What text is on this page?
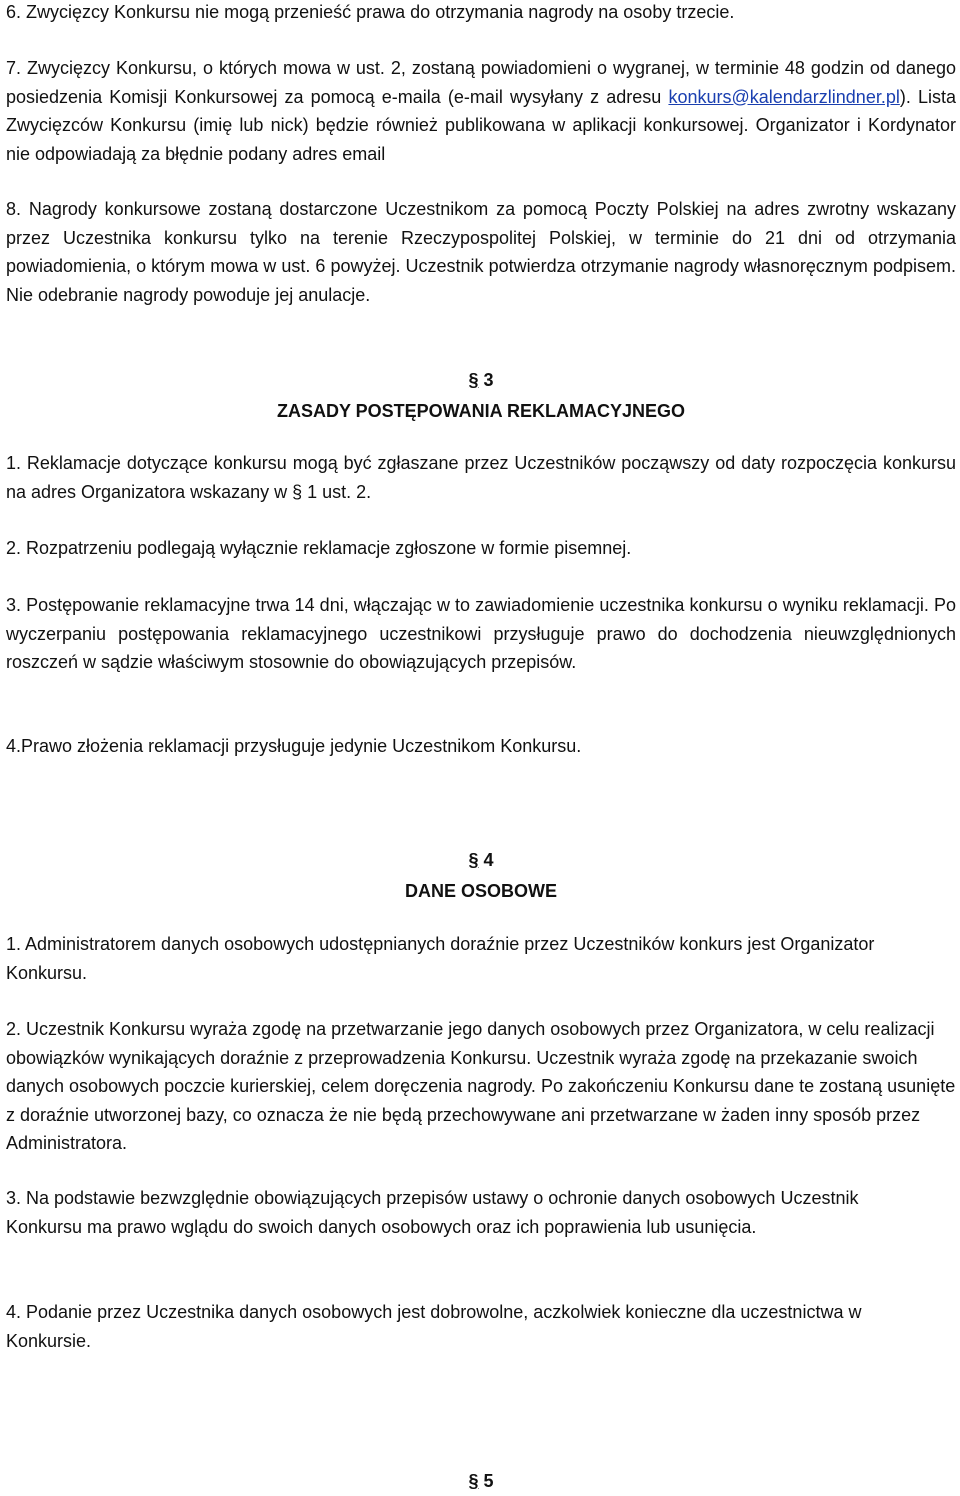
6. Zwycięzcy Konkursu nie mogą przenieść prawa do otrzymania nagrody na osoby trzecie.

7. Zwycięzcy Konkursu, o których mowa w ust. 2, zostaną powiadomieni o wygranej, w terminie 48 godzin od danego posiedzenia Komisji Konkursowej za pomocą e-maila (e-mail wysyłany z adresu konkurs@kalendarzlindner.pl). Lista Zwycięzców Konkursu (imię lub nick) będzie również publikowana w aplikacji konkursowej. Organizator i Kordynator nie odpowiadają za błędnie podany adres email

8. Nagrody konkursowe zostaną dostarczone Uczestnikom za pomocą Poczty Polskiej na adres zwrotny wskazany przez Uczestnika konkursu tylko na terenie Rzeczypospolitej Polskiej, w terminie do 21 dni od otrzymania powiadomienia, o którym mowa w ust. 6 powyżej. Uczestnik potwierdza otrzymanie nagrody własnoręcznym podpisem. Nie odebranie nagrody powoduje jej anulacje.

§ 3

ZASADY POSTĘPOWANIA REKLAMACYJNEGO

1. Reklamacje dotyczące konkursu mogą być zgłaszane przez Uczestników począwszy od daty rozpoczęcia konkursu na adres Organizatora wskazany w § 1 ust. 2.

2. Rozpatrzeniu podlegają wyłącznie reklamacje zgłoszone w formie pisemnej.

3. Postępowanie reklamacyjne trwa 14 dni, włączając w to zawiadomienie uczestnika konkursu o wyniku reklamacji. Po wyczerpaniu postępowania reklamacyjnego uczestnikowi przysługuje prawo do dochodzenia nieuwzględnionych roszczeń w sądzie właściwym stosownie do obowiązujących przepisów.

4.Prawo złożenia reklamacji przysługuje jedynie Uczestnikom Konkursu.

§ 4

DANE OSOBOWE

1. Administratorem danych osobowych udostępnianych doraźnie przez Uczestników konkurs jest Organizator Konkursu.

2. Uczestnik Konkursu wyraża zgodę na przetwarzanie jego danych osobowych przez Organizatora, w celu realizacji obowiązków wynikających doraźnie z przeprowadzenia Konkursu. Uczestnik wyraża zgodę na przekazanie swoich danych osobowych poczcie kurierskiej, celem doręczenia nagrody. Po zakończeniu Konkursu dane te zostaną usunięte z doraźnie utworzonej bazy, co oznacza że nie będą przechowywane ani przetwarzane w żaden inny sposób przez Administratora.

3. Na podstawie bezwzględnie obowiązujących przepisów ustawy o ochronie danych osobowych Uczestnik Konkursu ma prawo wglądu do swoich danych osobowych oraz ich poprawienia lub usunięcia.

4. Podanie przez Uczestnika danych osobowych jest dobrowolne, aczkolwiek konieczne dla uczestnictwa w Konkursie.

§ 5
